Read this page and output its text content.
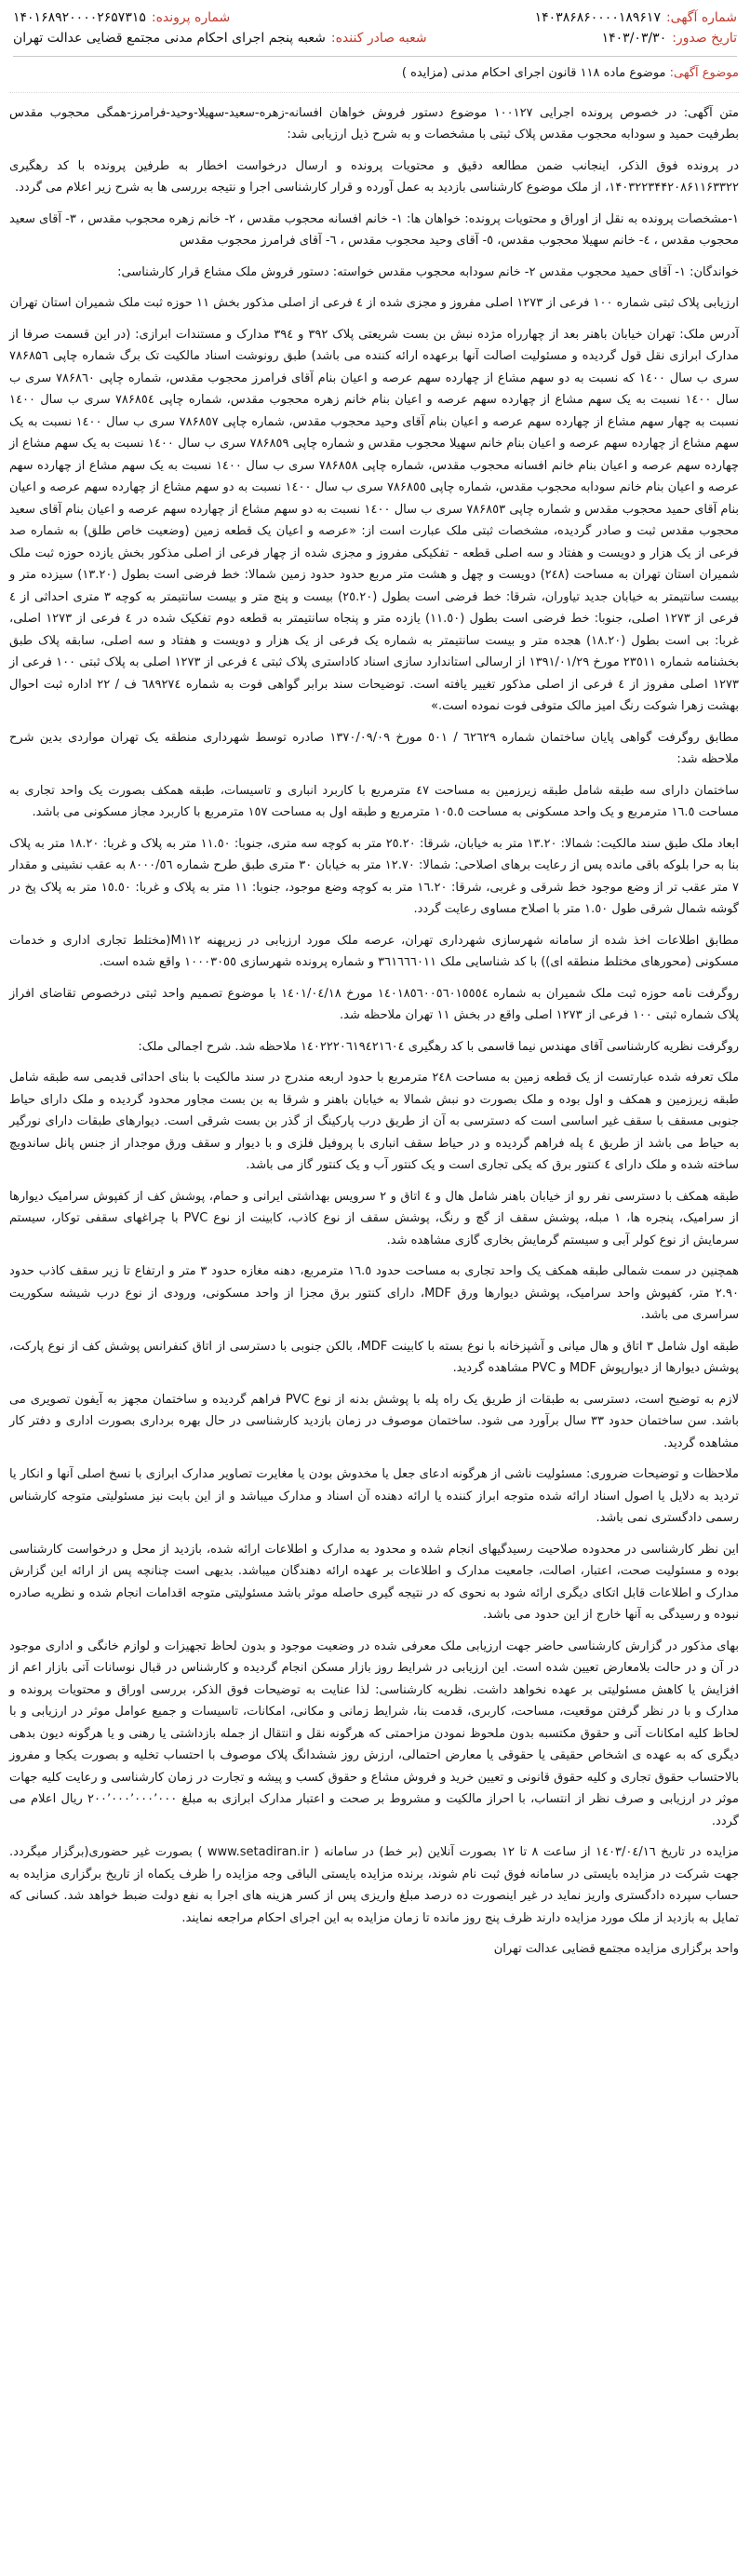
شماره آگهی:
۱۴۰۳۸۶۸۶۰۰۰۰۱۸۹۶۱۷
شماره پرونده:
۱۴۰۱۶۸۹۲۰۰۰۰۲۶۵۷۳۱۵
تاریخ صدور:
۱۴۰۳/۰۳/۳۰
شعبه صادر کننده:
شعبه پنجم اجرای احکام مدنی مجتمع قضایی عدالت تهران

موضوع آگهی: موضوع ماده ۱۱۸ قانون اجرای احکام مدنی (مزایده )

متن آگهی: در خصوص پرونده اجرایی ۱۰۰۱۲۷ موضوع دستور فروش خواهان افسانه-زهره-سعید-سهیلا-وحید-فرامرز-همگی محجوب مقدس بطرفیت حمید و سودابه محجوب مقدس پلاک ثبتی با مشخصات و به شرح ذیل ارزیابی شد:

در پرونده فوق الذکر، اینجانب ضمن مطالعه دقیق و محتویات پرونده و ارسال درخواست اخطار به طرفین پرونده با کد رهگیری ۱۴۰۳۲۲۳۴۴۲۰۸۶۱۱۶۳۳۲۲، از ملک موضوع کارشناسی بازدید به عمل آورده و قرار کارشناسی اجرا و نتیجه بررسی ها به شرح زیر اعلام می گردد.

۱-مشخصات پرونده به نقل از اوراق و محتویات پرونده: خواهان ها: ۱- خانم افسانه محجوب مقدس ، ۲- خانم زهره محجوب مقدس ، ۳- آقای سعید محجوب مقدس ، ٤- خانم سهیلا محجوب مقدس، ٥- آقای وحید محجوب مقدس ، ٦- آقای فرامرز محجوب مقدس

خواندگان: ۱- آقای حمید محجوب مقدس ۲- خانم سودابه محجوب مقدس خواسته: دستور فروش ملک مشاع قرار کارشناسی:

ارزیابی پلاک ثبتی شماره ۱۰۰ فرعی از ۱۲۷۳ اصلی مفروز و مجزی شده از ٤ فرعی از اصلی مذکور بخش ۱۱ حوزه ثبت ملک شمیران استان تهران

آدرس ملک: تهران خیابان باهنر بعد از چهارراه مژده نبش بن بست شریعتی پلاک ۳۹۲ و ۳۹٤ مدارک و مستندات ابرازی: (در این قسمت صرفا از مدارک ابرازی نقل قول گردیده و مسئولیت اصالت آنها برعهده ارائه کننده می باشد) طبق رونوشت اسناد مالکیت تک برگ شماره چاپی ۷۸۶۸۵٦ سری ب سال ۱٤۰۰ که نسبت به دو سهم مشاع از چهارده سهم عرصه و اعیان بنام آقای فرامرز محجوب مقدس، شماره چاپی ۷۸۶۸٦۰ سری ب سال ۱٤۰۰ نسبت به یک سهم مشاع از چهارده سهم عرصه و اعیان بنام خانم زهره محجوب مقدس، شماره چاپی ۷۸۶۸٥٤ سری ب سال ۱٤۰۰ نسبت به چهار سهم مشاع از چهارده سهم عرصه و اعیان بنام آقای وحید محجوب مقدس، شماره چاپی ۷۸۶۸٥۷ سری ب سال ۱٤۰۰ نسبت به یک سهم مشاع از چهارده سهم عرصه و اعیان بنام خانم سهیلا محجوب مقدس و شماره چاپی ۷۸۶۸٥۹ سری ب سال ۱٤۰۰ نسبت به یک سهم مشاع از چهارده سهم عرصه و اعیان بنام خانم افسانه محجوب مقدس، شماره چاپی ۷۸۶۸٥۸ سری ب سال ۱٤۰۰ نسبت به یک سهم مشاع از چهارده سهم عرصه و اعیان بنام خانم سودابه محجوب مقدس، شماره چاپی ۷۸۶۸٥٥ سری ب سال ۱٤۰۰ نسبت به دو سهم مشاع از چهارده سهم عرصه و اعیان بنام آقای حمید محجوب مقدس و شماره چاپی ۷۸۶۸٥۳ سری ب سال ۱٤۰۰ نسبت به دو سهم مشاع از چهارده سهم عرصه و اعیان بنام آقای سعید محجوب مقدس ثبت و صادر گردیده، مشخصات ثبتی ملک عبارت است از: «عرصه و اعیان یک قطعه زمین (وضعیت خاص طلق) به شماره صد فرعی از یک هزار و دویست و هفتاد و سه اصلی قطعه - تفکیکی مفروز و مجزی شده از چهار فرعی از اصلی مذکور بخش یازده حوزه ثبت ملک شمیران استان تهران به مساحت (۲٤۸) دویست و چهل و هشت متر مربع حدود حدود زمین شمالا: خط فرضی است بطول (۱۳.۲۰) سیزده متر و بیست سانتیمتر به خیابان جدید تیاوران، شرقا: خط فرضی است بطول (۲٥.۲۰) بیست و پنج متر و بیست سانتیمتر به کوچه ۳ متری احداثی از ٤ فرعی از ۱۲۷۳ اصلی، جنوبا: خط فرضی است بطول (۱۱.٥۰) یازده متر و پنجاه سانتیمتر به قطعه دوم تفکیک شده در ٤ فرعی از ۱۲۷۳ اصلی، غربا: بی است بطول (۱۸.۲۰) هجده متر و بیست سانتیمتر به شماره یک فرعی از یک هزار و دویست و هفتاد و سه اصلی، سابقه پلاک طبق بخشنامه شماره ۲۳٥۱۱ مورخ ۱۳۹۱/۰۱/۲۹ از ارسالی استاندارد سازی اسناد کاداستری پلاک ثبتی ٤ فرعی از ۱۲۷۳ اصلی به پلاک ثبتی ۱۰۰ فرعی از ۱۲۷۳ اصلی مفروز از ٤ فرعی از اصلی مذکور تغییر یافته است. توضیحات سند برابر گواهی فوت به شماره ٦۸۹۲۷٤ ف / ۲۲ اداره ثبت احوال بهشت زهرا شوکت رنگ امیز مالک متوفی فوت نموده است.»

مطابق روگرفت گواهی پایان ساختمان شماره ٦۲٦۲۹ / ٥۰۱ مورخ ۱۳۷۰/۰۹/۰۹ صادره توسط شهرداری منطقه یک تهران مواردی بدین شرح ملاحظه شد:

ساختمان دارای سه طبقه شامل طبقه زیرزمین به مساحت ٤۷ مترمربع با کاربرد انباری و تاسیسات، طبقه همکف بصورت یک واحد تجاری به مساحت ۱٦.٥ مترمربع و یک واحد مسکونی به مساحت ۱۰٥.٥ مترمربع و طبقه اول به مساحت ۱٥۷ مترمربع با کاربرد مجاز مسکونی می باشد.

ابعاد ملک طبق سند مالکیت: شمالا: ۱۳.۲۰ متر به خیابان، شرقا: ۲٥.۲۰ متر به کوچه سه متری، جنوبا: ۱۱.٥۰ متر به پلاک و غربا: ۱۸.۲۰ متر به پلاک بنا به حرا بلوکه باقی مانده پس از رعایت برهای اصلاحی: شمالا: ۱۲.۷۰ متر به خیابان ۳۰ متری طبق طرح شماره ۸۰۰۰/٥٦ به عقب نشینی و مقدار ۷ متر عقب تر از وضع موجود خط شرقی و غربی، شرقا: ۱٦.۲۰ متر به کوچه وضع موجود، جنوبا: ۱۱ متر به پلاک و غربا: ۱٥.٥۰ متر به پلاک پخ در گوشه شمال شرقی طول ۱.٥۰ متر با اصلاح مساوی رعایت گردد.

مطابق اطلاعات اخذ شده از سامانه شهرسازی شهرداری تهران، عرصه ملک مورد ارزیابی در زیرپهنه M۱۱۲(مختلط تجاری اداری و خدمات مسکونی (محورهای مختلط منطقه ای)) با کد شناسایی ملک ۳٦۱٦٦٦۰۱۱ و شماره پرونده شهرسازی ۱۰۰۰۳۰٥٥ واقع شده است.

روگرفت نامه حوزه ثبت ملک شمیران به شماره ۱٤۰۱۸٥٦۰۰٥٦۰۱٥٥٥٤ مورخ ۱٤۰۱/۰٤/۱۸ با موضوع تصمیم واحد ثبتی درخصوص تقاضای افراز پلاک شماره ثبتی ۱۰۰ فرعی از ۱۲۷۳ اصلی واقع در بخش ۱۱ تهران ملاحظه شد.

روگرفت نظریه کارشناسی آقای مهندس نیما قاسمی با کد رهگیری ۱٤۰۲۲۲۰٦۱۹٤۲۱٦۰٤ ملاحظه شد. شرح اجمالی ملک:

ملک تعرفه شده عبارتست از یک قطعه زمین به مساحت ۲٤۸ مترمربع با حدود اربعه مندرج در سند مالکیت با بنای احداثی قدیمی سه طبقه شامل طبقه زیرزمین و همکف و اول بوده و ملک بصورت دو نبش شمالا به خیابان باهنر و شرقا به بن بست مجاور محدود گردیده و ملک دارای حیاط جنوبی مسقف با سقف غیر اساسی است که دسترسی به آن از طریق درب پارکینگ از گذر بن بست شرقی است. دیوارهای طبقات دارای نورگیر به حیاط می باشد از طریق ٤ پله فراهم گردیده و در حیاط سقف انباری با پروفیل فلزی و با دیوار و سقف ورق موجدار از جنس پانل ساندویچ ساخته شده و ملک دارای ٤ کنتور برق که یکی تجاری است و یک کنتور آب و یک کنتور گاز می باشد.

طبقه همکف با دسترسی نفر رو از خیابان باهنر شامل هال و ٤ اتاق و ۲ سرویس بهداشتی ایرانی و حمام، پوشش کف از کفپوش سرامیک دیوارها از سرامیک، پنجره ها، ۱ مبله، پوشش سقف از گچ و رنگ، پوشش سقف از نوع کاذب، کابینت از نوع PVC با چراغهای سقفی توکار، سیستم سرمایش از نوع کولر آبی و سیستم گرمایش بخاری گازی مشاهده شد.

همچنین در سمت شمالی طبقه همکف یک واحد تجاری به مساحت حدود ۱٦.٥ مترمربع، دهنه مغازه حدود ۳ متر و ارتفاع تا زیر سقف کاذب حدود ۲.٩۰ متر، کفپوش واحد سرامیک، پوشش دیوارها ورق MDF، دارای کنتور برق مجزا از واحد مسکونی، ورودی از نوع درب شیشه سکوریت سراسری می باشد.

طبقه اول شامل ۳ اتاق و هال میانی و آشپزخانه با نوع بسته با کابینت MDF، بالکن جنوبی با دسترسی از اتاق کنفرانس پوشش کف از نوع پارکت، پوشش دیوارها از دیوارپوش MDF و PVC مشاهده گردید.

لازم به توضیح است، دسترسی به طبقات از طریق یک راه پله با پوشش بدنه از نوع PVC فراهم گردیده و ساختمان مجهز به آیفون تصویری می باشد. سن ساختمان حدود ۳۳ سال برآورد می شود. ساختمان موصوف در زمان بازدید کارشناسی در حال بهره برداری بصورت اداری و دفتر کار مشاهده گردید.

ملاحظات و توضیحات ضروری: مسئولیت ناشی از هرگونه ادعای جعل یا مخدوش بودن یا مغایرت تصاویر مدارک ابرازی با نسخ اصلی آنها و انکار یا تردید به دلایل یا اصول اسناد ارائه شده متوجه ابراز کننده یا ارائه دهنده آن اسناد و مدارک میباشد و از این بابت نیز مسئولیتی متوجه کارشناس رسمی دادگستری نمی باشد.

این نظر کارشناسی در محدوده صلاحیت رسیدگیهای انجام شده و محدود به مدارک و اطلاعات ارائه شده، بازدید از محل و درخواست کارشناسی بوده و مسئولیت صحت، اعتبار، اصالت، جامعیت مدارک و اطلاعات بر عهده ارائه دهندگان میباشد. بدیهی است چنانچه پس از ارائه این گزارش مدارک و اطلاعات قابل اتکای دیگری ارائه شود به نحوی که در نتیجه گیری حاصله موثر باشد مسئولیتی متوجه اقدامات انجام شده و نظریه صادره نبوده و رسیدگی به آنها خارج از این حدود می باشد.

بهای مذکور در گزارش کارشناسی حاضر جهت ارزیابی ملک معرفی شده در وضعیت موجود و بدون لحاظ تجهیزات و لوازم خانگی و اداری موجود در آن و در حالت بلامعارض تعیین شده است. این ارزیابی در شرایط روز بازار مسکن انجام گردیده و کارشناس در قبال نوسانات آتی بازار اعم از افزایش یا کاهش مسئولیتی بر عهده نخواهد داشت. نظریه کارشناسی: لذا عنایت به توضیحات فوق الذکر، بررسی اوراق و محتویات پرونده و مدارک و با در نظر گرفتن موقعیت، مساحت، کاربری، قدمت بنا، شرایط زمانی و مکانی، امکانات، تاسیسات و جمیع عوامل موثر در ارزیابی و با لحاظ کلیه امکانات آتی و حقوق مکتسبه بدون ملحوظ نمودن مزاحمتی که هرگونه نقل و انتقال از جمله بازداشتی یا رهنی و یا هرگونه دیون بدهی دیگری که به عهده ی اشخاص حقیقی یا حقوقی یا معارض احتمالی، ارزش روز ششدانگ پلاک موصوف با احتساب تخلیه و بصورت یکجا و مفروز بالاحتساب حقوق تجاری و کلیه حقوق قانونی و تعیین خرید و فروش مشاع و حقوق کسب و پیشه و تجارت در زمان کارشناسی و رعایت کلیه جهات موثر در ارزیابی و صرف نظر از انتساب، با احراز مالکیت و مشروط بر صحت و اعتبار مدارک ابرازی به مبلغ ۲۰۰٬۰۰۰٬۰۰۰٬۰۰۰ ریال اعلام می گردد.

مزایده در تاریخ ۱٤۰۳/۰٤/۱٦ از ساعت ۸ تا ۱۲ بصورت آنلاین (بر خط) در سامانه ( www.setadiran.ir ) بصورت غیر حضوری(برگزار میگردد. جهت شرکت در مزایده بایستی در سامانه فوق ثبت نام شوند، برنده مزایده بایستی الباقی وجه مزایده را ظرف یکماه از تاریخ برگزاری مزایده به حساب سپرده دادگستری واریز نماید در غیر اینصورت ده درصد مبلغ واریزی پس از کسر هزینه های اجرا به نفع دولت ضبط خواهد شد. کسانی که تمایل به بازدید از ملک مورد مزایده دارند ظرف پنج روز مانده تا زمان مزایده به این اجرای احکام مراجعه نمایند.

واحد برگزاری مزایده مجتمع قضایی عدالت تهران
